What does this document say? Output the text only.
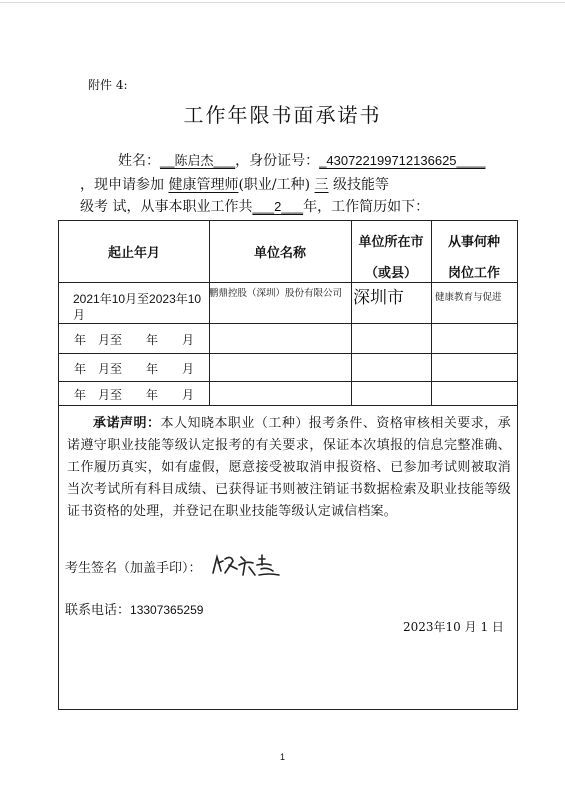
附件 4:
工作年限书面承诺书
姓名：__陈启杰___，身份证号：_430722199712136625____
，现申请参加 健康管理师(职业/工种) 三 级技能等
级考 试，从事本职业工作共___2___年，工作简历如下：
起止年月	单位名称
单位所在市
（或县）
从事何种
岗位工作
2021年10月至2023年10月
鹏鼎控股（深圳）股份有限公司 深圳市	健康教育与促进
年　月至　　年　　月
年　月至　　年　　月
年　月至　　年　　月
承诺声明：本人知晓本职业（工种）报考条件、资格审核相关要求，承诺遵守职业技能等级认定报考的有关要求，保证本次填报的信息完整准确、工作履历真实，如有虚假，愿意接受被取消申报资格、已参加考试则被取消当次考试所有科目成绩、已获得证书则被注销证书数据检索及职业技能等级证书资格的处理，并登记在职业技能等级认定诚信档案。
考生签名（加盖手印）：
联系电话：13307365259
2023年10 月 1 日
1
